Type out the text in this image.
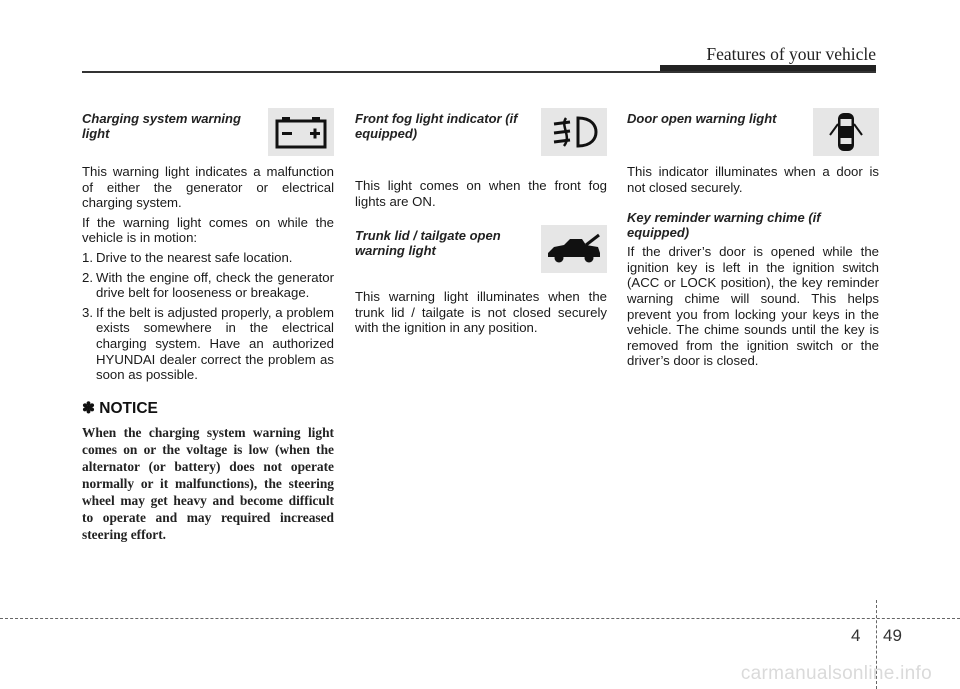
Features of your vehicle
Charging system warning light

This warning light indicates a malfunction of either the generator or electrical charging system.

If the warning light comes on while the vehicle is in motion:

1. Drive to the nearest safe location.
2. With the engine off, check the generator drive belt for looseness or breakage.
3. If the belt is adjusted properly, a problem exists somewhere in the electrical charging system. Have an authorized HYUNDAI dealer correct the problem as soon as possible.
✽ NOTICE
When the charging system warning light comes on or the voltage is low (when the alternator (or battery) does not operate normally or it malfunctions), the steering wheel may get heavy and become difficult to operate and may required increased steering effort.
Front fog light indicator (if equipped)

This light comes on when the front fog lights are ON.

Trunk lid / tailgate open warning light

This warning light illuminates when the trunk lid / tailgate is not closed securely with the ignition in any position.

Door open warning light

This indicator illuminates when a door is not closed securely.

Key reminder warning chime (if equipped)

If the driver’s door is opened while the ignition key is left in the ignition switch (ACC or LOCK position), the key reminder warning chime will sound. This helps prevent you from locking your keys in the vehicle. The chime sounds until the key is removed from the ignition switch or the driver’s door is closed.

4 49
carmanualsonline.info
